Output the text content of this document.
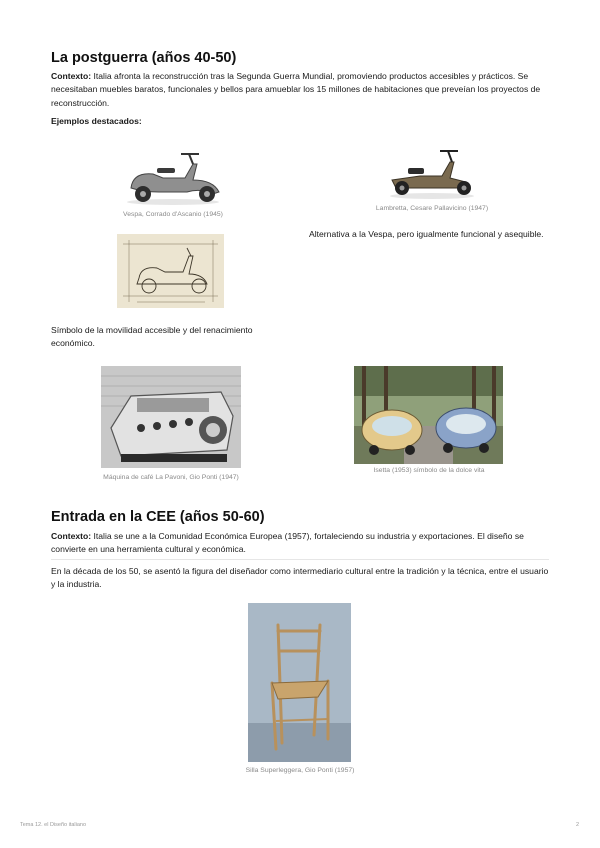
La postguerra (años 40-50)

Contexto: Italia afronta la reconstrucción tras la Segunda Guerra Mundial, promoviendo productos accesibles y prácticos. Se necesitaban muebles baratos, funcionales y bellos para amueblar los 15 millones de habitaciones que preveían los proyectos de reconstrucción.

Ejemplos destacados:

Vespa, Corrado d'Ascanio (1945)
Lambretta, Cesare Pallavicino (1947)

Alternativa a la Vespa, pero igualmente funcional y asequible.

Símbolo de la movilidad accesible y del renacimiento económico.

Máquina de café La Pavoni, Gio Ponti (1947)
Isetta (1953) símbolo de la dolce vita
Entrada en la CEE (años 50-60)

Contexto: Italia se une a la Comunidad Económica Europea (1957), fortaleciendo su industria y exportaciones. El diseño se convierte en una herramienta cultural y económica.

En la década de los 50, se asentó la figura del diseñador como intermediario cultural entre la tradición y la técnica, entre el usuario y la industria.

Silla Superleggera, Gio Ponti (1957)
Tema 12. el Diseño italiano	2
